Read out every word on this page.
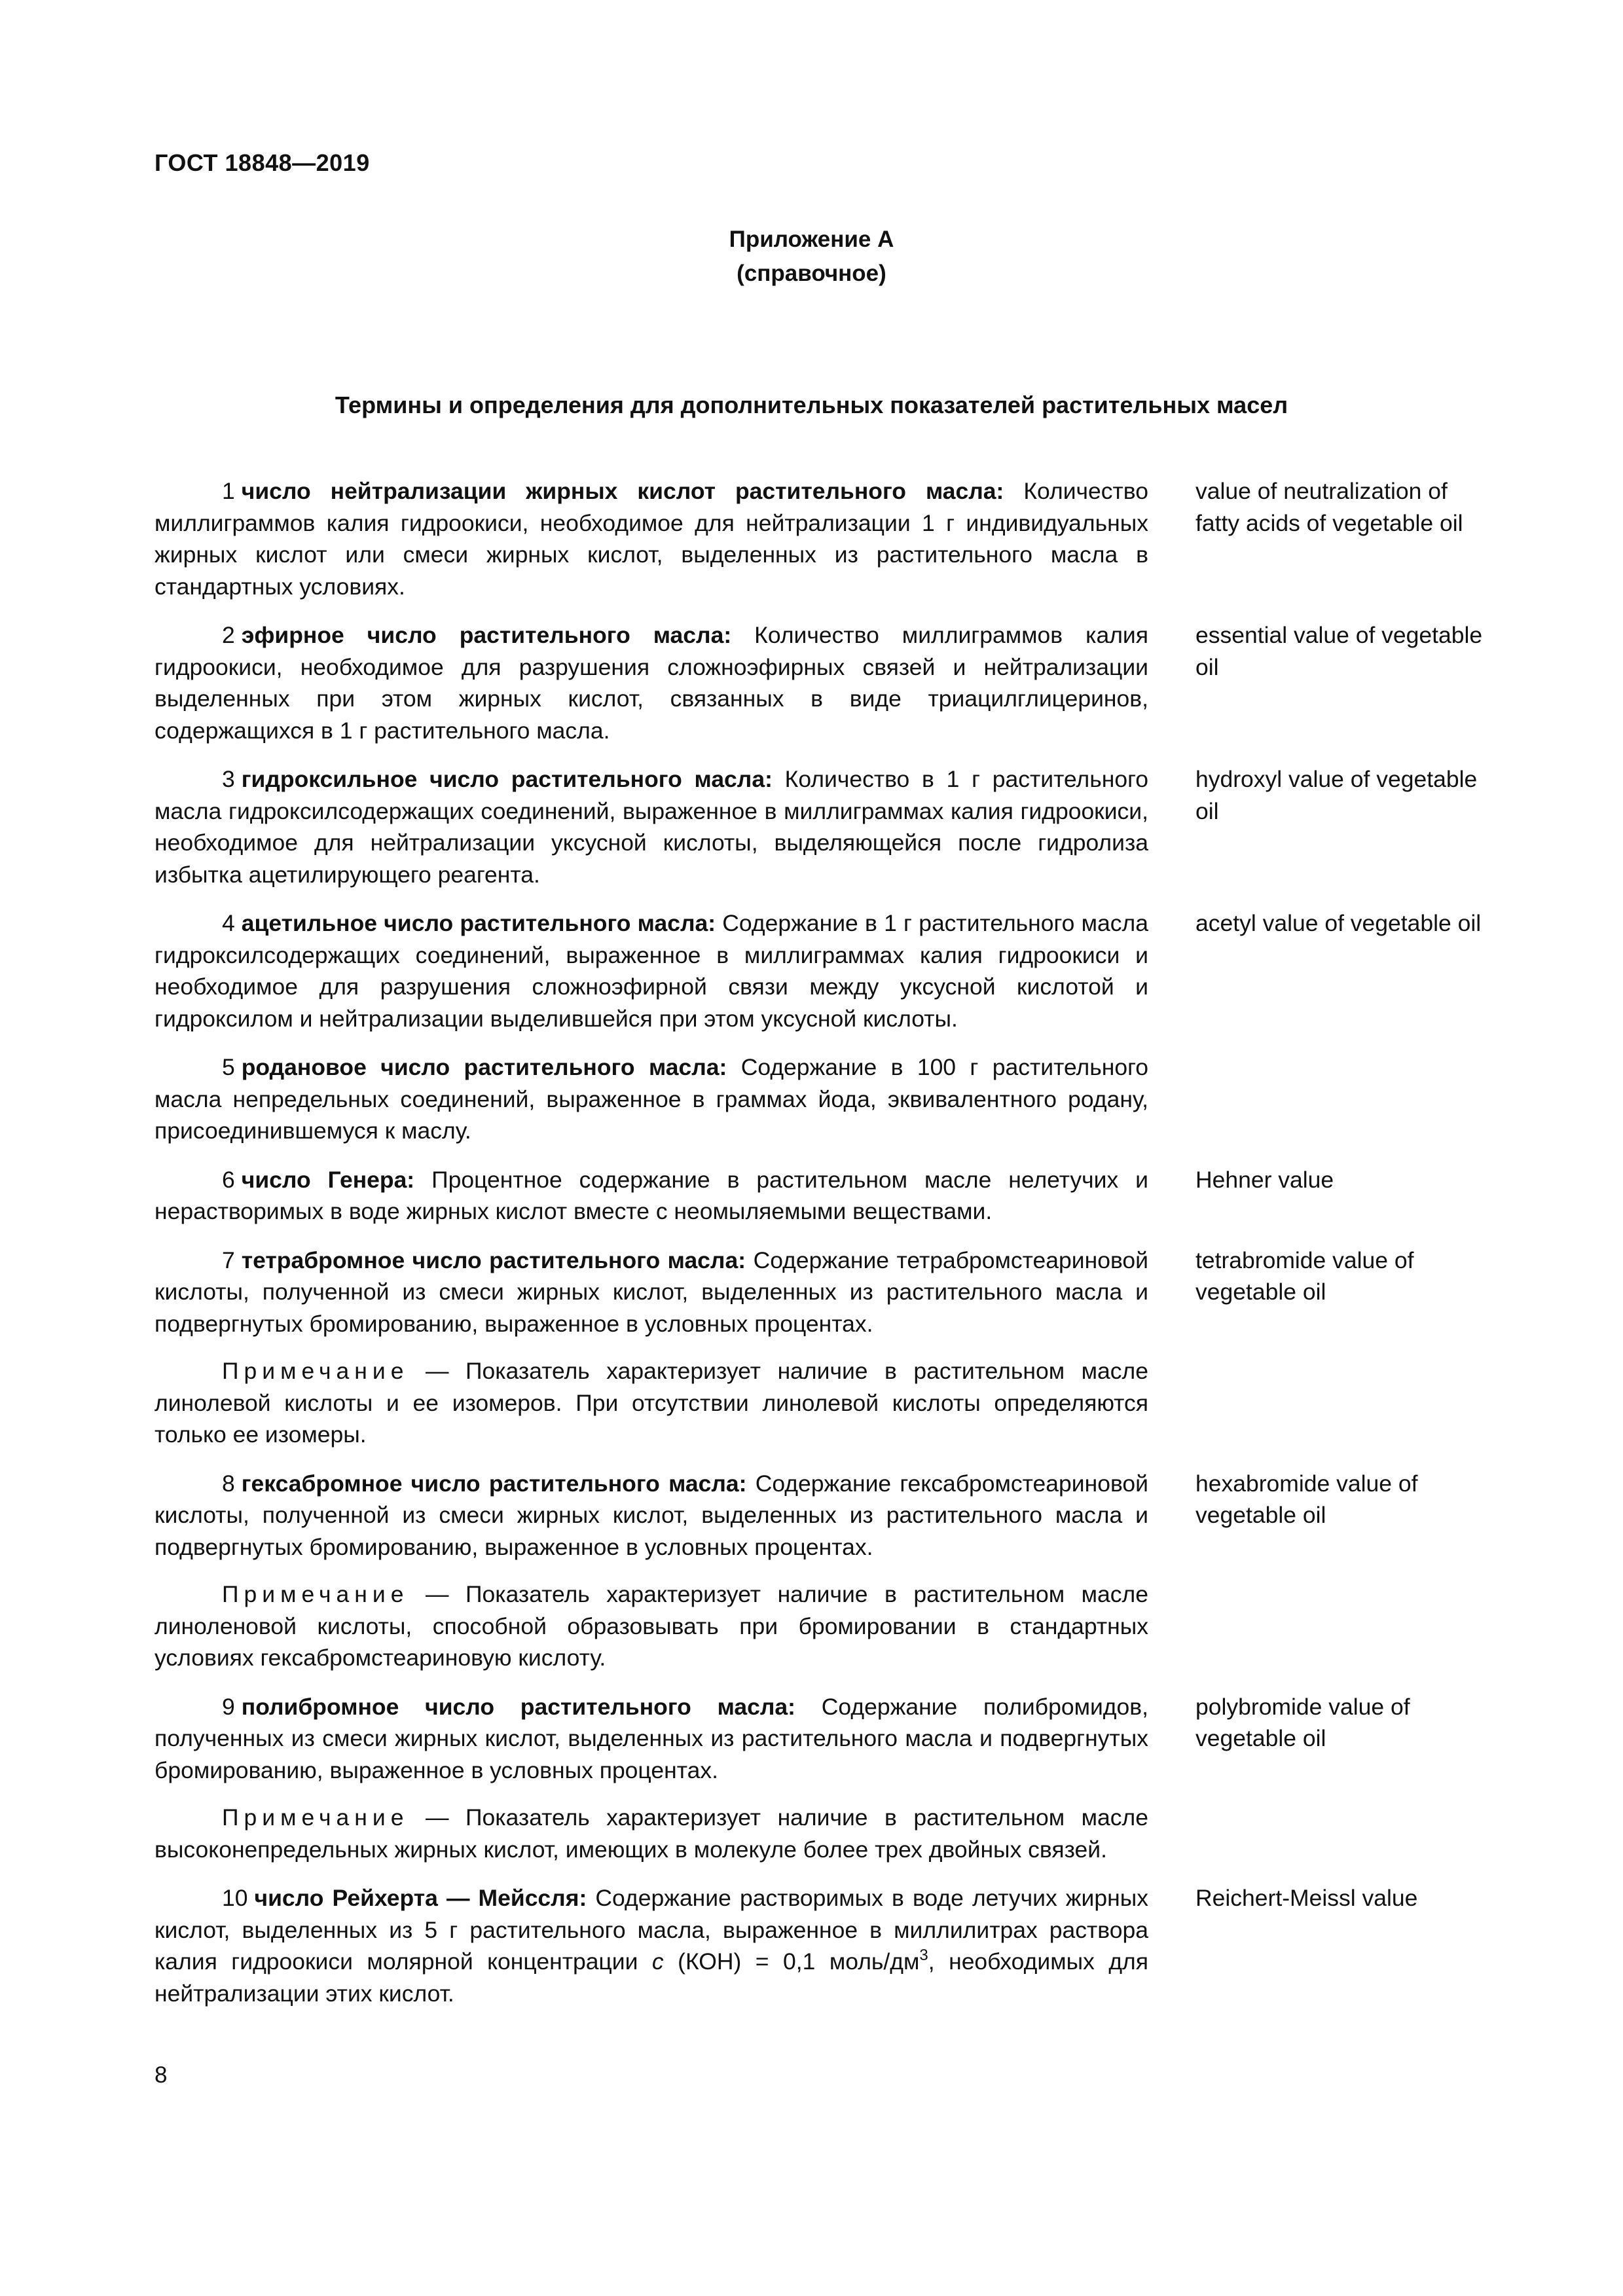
ГОСТ 18848—2019
Приложение А
(справочное)
Термины и определения для дополнительных показателей растительных масел
1 число нейтрализации жирных кислот растительного масла: Количество миллиграммов калия гидроокиси, необходимое для нейтрализации 1 г индивидуальных жирных кислот или смеси жирных кислот, выделенных из растительного масла в стандартных условиях.
value of neutralization of fatty acids of vegetable oil
2 эфирное число растительного масла: Количество миллиграммов калия гидроокиси, необходимое для разрушения сложноэфирных связей и нейтрализации выделенных при этом жирных кислот, связанных в виде триацилглицеринов, содержащихся в 1 г растительного масла.
essential value of vegetable oil
3 гидроксильное число растительного масла: Количество в 1 г растительного масла гидроксилсодержащих соединений, выраженное в миллиграммах калия гидроокиси, необходимое для нейтрализации уксусной кислоты, выделяющейся после гидролиза избытка ацетилирующего реагента.
hydroxyl value of vegetable oil
4 ацетильное число растительного масла: Содержание в 1 г растительного масла гидроксилсодержащих соединений, выраженное в миллиграммах калия гидроокиси и необходимое для разрушения сложноэфирной связи между уксусной кислотой и гидроксилом и нейтрализации выделившейся при этом уксусной кислоты.
acetyl value of vegetable oil
5 родановое число растительного масла: Содержание в 100 г растительного масла непредельных соединений, выраженное в граммах йода, эквивалентного родану, присоединившемуся к маслу.
6 число Генера: Процентное содержание в растительном масле нелетучих и нерастворимых в воде жирных кислот вместе с неомыляемыми веществами.
Hehner value
7 тетрабромное число растительного масла: Содержание тетрабромстеариновой кислоты, полученной из смеси жирных кислот, выделенных из растительного масла и подвергнутых бромированию, выраженное в условных процентах.
Примечание — Показатель характеризует наличие в растительном масле линолевой кислоты и ее изомеров. При отсутствии линолевой кислоты определяются только ее изомеры.
tetrabromide value of vegetable oil
8 гексабромное число растительного масла: Содержание гексабромстеариновой кислоты, полученной из смеси жирных кислот, выделенных из растительного масла и подвергнутых бромированию, выраженное в условных процентах.
Примечание — Показатель характеризует наличие в растительном масле линоленовой кислоты, способной образовывать при бромировании в стандартных условиях гексабромстеариновую кислоту.
hexabromide value of vegetable oil
9 полибромное число растительного масла: Содержание полибромидов, полученных из смеси жирных кислот, выделенных из растительного масла и подвергнутых бромированию, выраженное в условных процентах.
Примечание — Показатель характеризует наличие в растительном масле высоконепредельных жирных кислот, имеющих в молекуле более трех двойных связей.
polybromide value of vegetable oil
10 число Рейхерта — Мейссля: Содержание растворимых в воде летучих жирных кислот, выделенных из 5 г растительного масла, выраженное в миллилитрах раствора калия гидроокиси молярной концентрации с (КОН) = 0,1 моль/$дм^3$, необходимых для нейтрализации этих кислот.
Reichert-Meissl value
8
